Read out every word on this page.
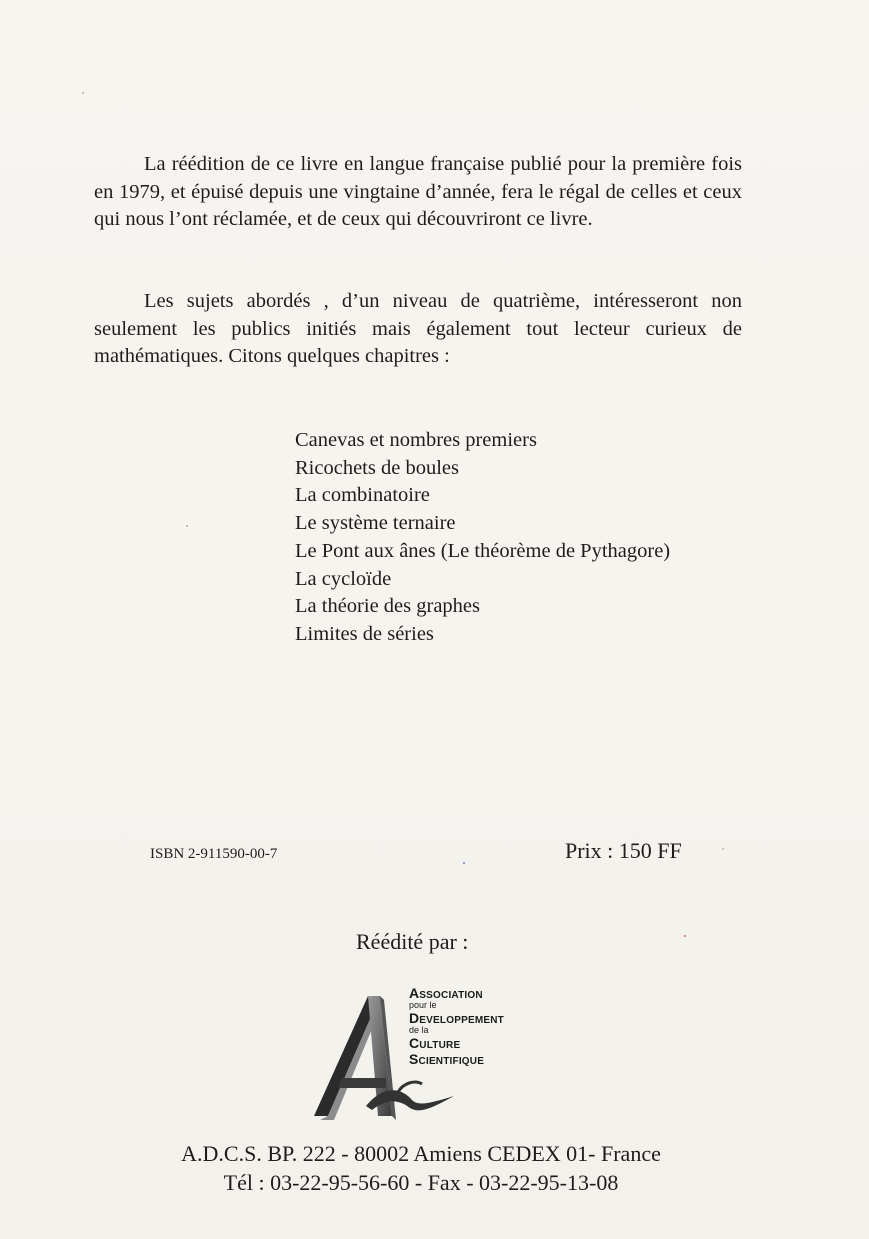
La réédition de ce livre en langue française publié pour la première fois en 1979, et épuisé depuis une vingtaine d’année, fera le régal de celles et ceux qui nous l’ont réclamée, et de ceux qui découvriront ce livre.

Les sujets abordés , d’un niveau de quatrième, intéresseront non seulement les publics initiés mais également tout lecteur curieux de mathématiques. Citons quelques chapitres :

Canevas et nombres premiers
Ricochets de boules
La combinatoire
Le système ternaire
Le Pont aux ânes (Le théorème de Pythagore)
La cycloïde
La théorie des graphes
Limites de séries
ISBN 2-911590-00-7	Prix : 150 FF
Réédité par :
Association
pour le
Developpement
de la
Culture
Scientifique
A.D.C.S. BP. 222 - 80002 Amiens CEDEX 01- France
Tél : 03-22-95-56-60 - Fax - 03-22-95-13-08
